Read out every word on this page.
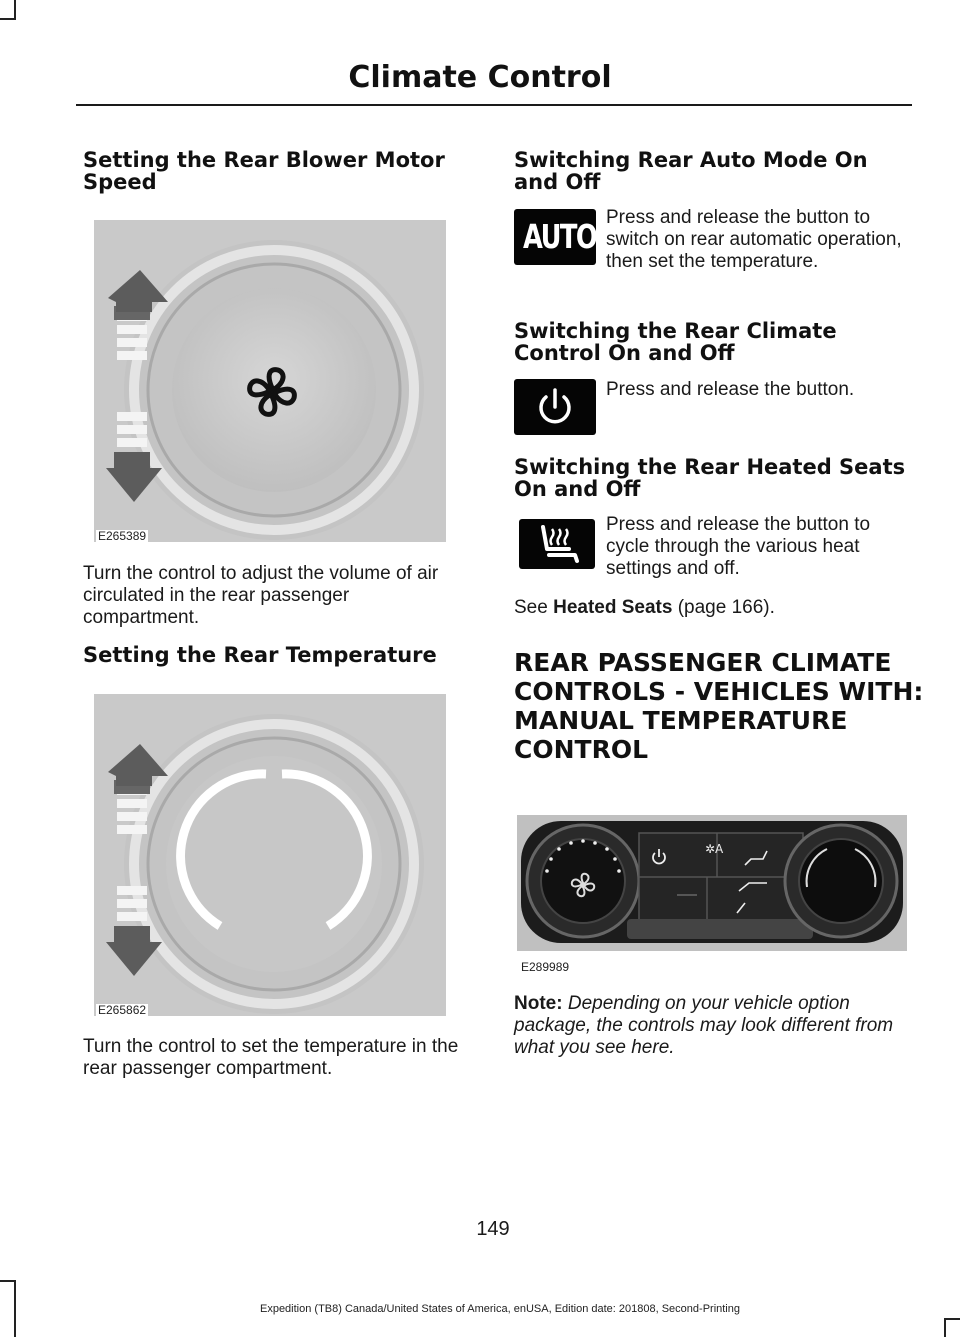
Climate Control
Setting the Rear Blower Motor Speed
E265389
Turn the control to adjust the volume of air circulated in the rear passenger compartment.
Setting the Rear Temperature
E265862
Turn the control to set the temperature in the rear passenger compartment.
Switching Rear Auto Mode On and Off
AUTO Press and release the button to switch on rear automatic operation, then set the temperature.
Switching the Rear Climate Control On and Off
Press and release the button.
Switching the Rear Heated Seats On and Off
Press and release the button to cycle through the various heat settings and off.
See Heated Seats (page 166).
REAR PASSENGER CLIMATE
CONTROLS - VEHICLES WITH:
MANUAL TEMPERATURE
CONTROL
✲A
E289989
Note: Depending on your vehicle option package, the controls may look different from what you see here.
149
Expedition (TB8) Canada/United States of America, enUSA, Edition date: 201808, Second-Printing
